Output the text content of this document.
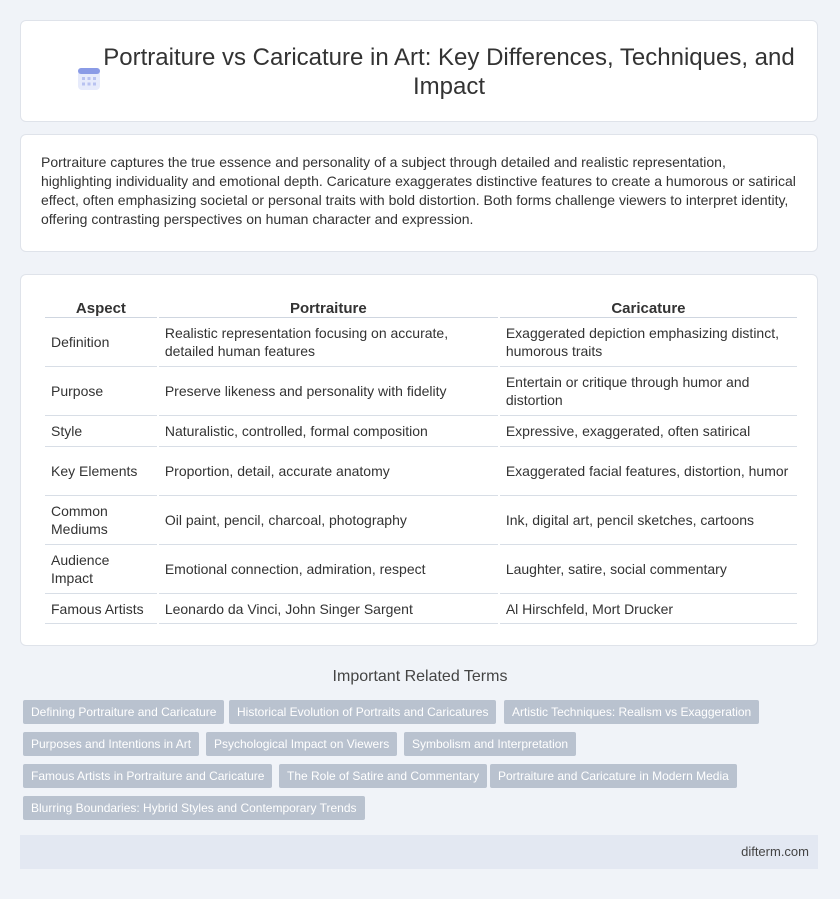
Portraiture vs Caricature in Art: Key Differences, Techniques, and Impact

Portraiture captures the true essence and personality of a subject through detailed and realistic representation, highlighting individuality and emotional depth. Caricature exaggerates distinctive features to create a humorous or satirical effect, often emphasizing societal or personal traits with bold distortion. Both forms challenge viewers to interpret identity, offering contrasting perspectives on human character and expression.

Aspect	Portraiture	Caricature
Definition	Realistic representation focusing on accurate, detailed human features	Exaggerated depiction emphasizing distinct, humorous traits
Purpose	Preserve likeness and personality with fidelity	Entertain or critique through humor and distortion
Style	Naturalistic, controlled, formal composition	Expressive, exaggerated, often satirical
Key Elements	Proportion, detail, accurate anatomy	Exaggerated facial features, distortion, humor
Common Mediums	Oil paint, pencil, charcoal, photography	Ink, digital art, pencil sketches, cartoons
Audience Impact	Emotional connection, admiration, respect	Laughter, satire, social commentary
Famous Artists	Leonardo da Vinci, John Singer Sargent	Al Hirschfeld, Mort Drucker
Important Related Terms
Defining Portraiture and Caricature	Historical Evolution of Portraits and Caricatures	Artistic Techniques: Realism vs Exaggeration
Purposes and Intentions in Art	Psychological Impact on Viewers	Symbolism and Interpretation
Famous Artists in Portraiture and Caricature	The Role of Satire and Commentary	Portraiture and Caricature in Modern Media
Blurring Boundaries: Hybrid Styles and Contemporary Trends
difterm.com
